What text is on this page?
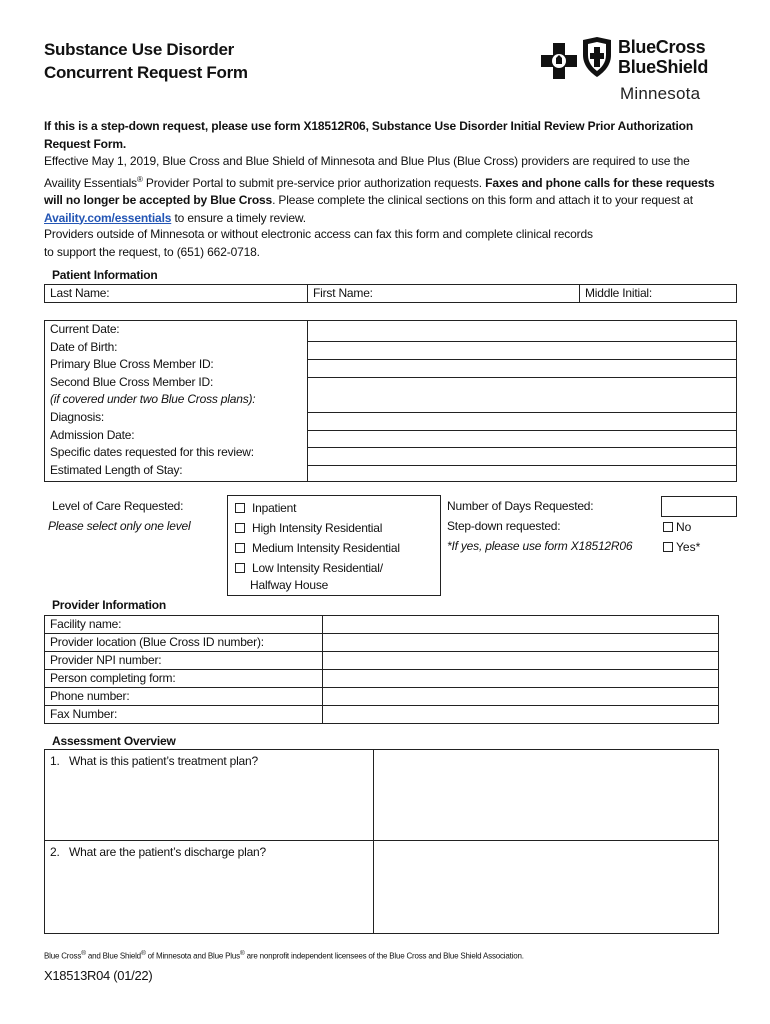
Substance Use Disorder
Concurrent Request Form
BlueCross
BlueShield
Minnesota
If this is a step-down request, please use form X18512R06, Substance Use Disorder Initial Review Prior Authorization Request Form.
Effective May 1, 2019, Blue Cross and Blue Shield of Minnesota and Blue Plus (Blue Cross) providers are required to use the Availity Essentials® Provider Portal to submit pre-service prior authorization requests. Faxes and phone calls for these requests will no longer be accepted by Blue Cross. Please complete the clinical sections on this form and attach it to your request at Availity.com/essentials to ensure a timely review.
Providers outside of Minnesota or without electronic access can fax this form and complete clinical records
to support the request, to (651) 662-0718.
Patient Information
Last Name:	First Name:	Middle Initial:
Current Date:
Date of Birth:
Primary Blue Cross Member ID:
Second Blue Cross Member ID:
(if covered under two Blue Cross plans):
Diagnosis:
Admission Date:
Specific dates requested for this review:
Estimated Length of Stay:

Level of Care Requested:
Please select only one level
Inpatient
High Intensity Residential
Medium Intensity Residential
Low Intensity Residential/
Halfway House
Number of Days Requested:
Step-down requested:
*If yes, please use form X18512R06
No
Yes*
Provider Information
Facility name:	
Provider location (Blue Cross ID number):	
Provider NPI number:	
Person completing form:	
Phone number:	
Fax Number:	
Assessment Overview
1. What is this patient’s treatment plan?	
2. What are the patient’s discharge plan?	
Blue Cross® and Blue Shield® of Minnesota and Blue Plus® are nonprofit independent licensees of the Blue Cross and Blue Shield Association.
X18513R04 (01/22)
